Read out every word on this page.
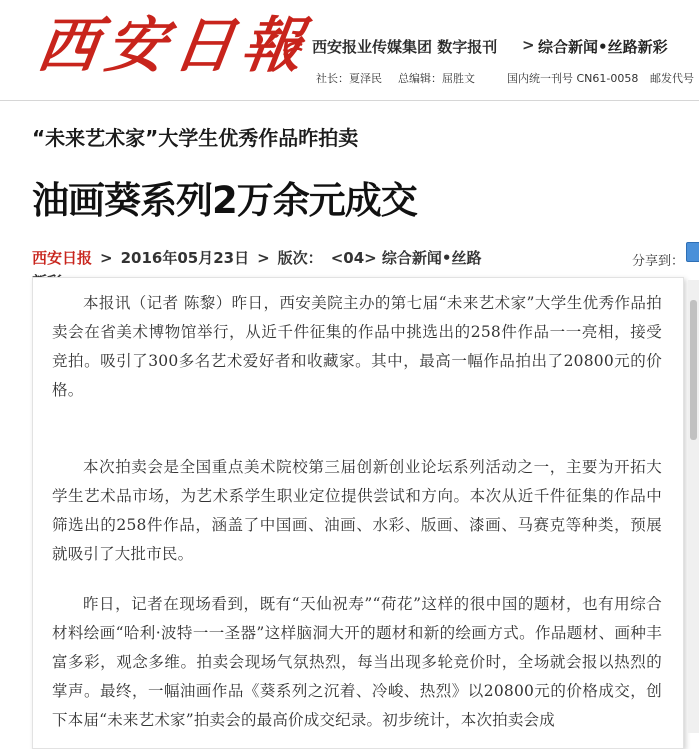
西安日報
西安报业传媒集团 数字报刊 > 综合新闻•丝路新彩
社长：夏泽民 总编辑：屈胜文	国内统一刊号 CN61-0058 邮发代号
“未来艺术家”大学生优秀作品昨拍卖
油画葵系列2万余元成交
西安日报 > 2016年05月23日 > 版次： <04> 综合新闻•丝路	分享到：

本报讯（记者 陈黎）昨日，西安美院主办的第七届“未来艺术家”大学生优秀作品拍卖会在省美术博物馆举行，从近千件征集的作品中挑选出的258件作品一一亮相，接受竞拍。吸引了300多名艺术爱好者和收藏家。其中，最高一幅作品拍出了20800元的价格。

本次拍卖会是全国重点美术院校第三届创新创业论坛系列活动之一，主要为开拓大学生艺术品市场，为艺术系学生职业定位提供尝试和方向。本次从近千件征集的作品中筛选出的258件作品，涵盖了中国画、油画、水彩、版画、漆画、马赛克等种类，预展就吸引了大批市民。

昨日，记者在现场看到，既有“天仙祝寿”“荷花”这样的很中国的题材，也有用综合材料绘画“哈利·波特一一圣器”这样脑洞大开的题材和新的绘画方式。作品题材、画种丰富多彩，观念多维。拍卖会现场气氛热烈，每当出现多轮竞价时，全场就会报以热烈的掌声。最终，一幅油画作品《葵系列之沉着、冷峻、热烈》以20800元的价格成交，创下本届“未来艺术家”拍卖会的最高价成交纪录。初步统计，本次拍卖会成
